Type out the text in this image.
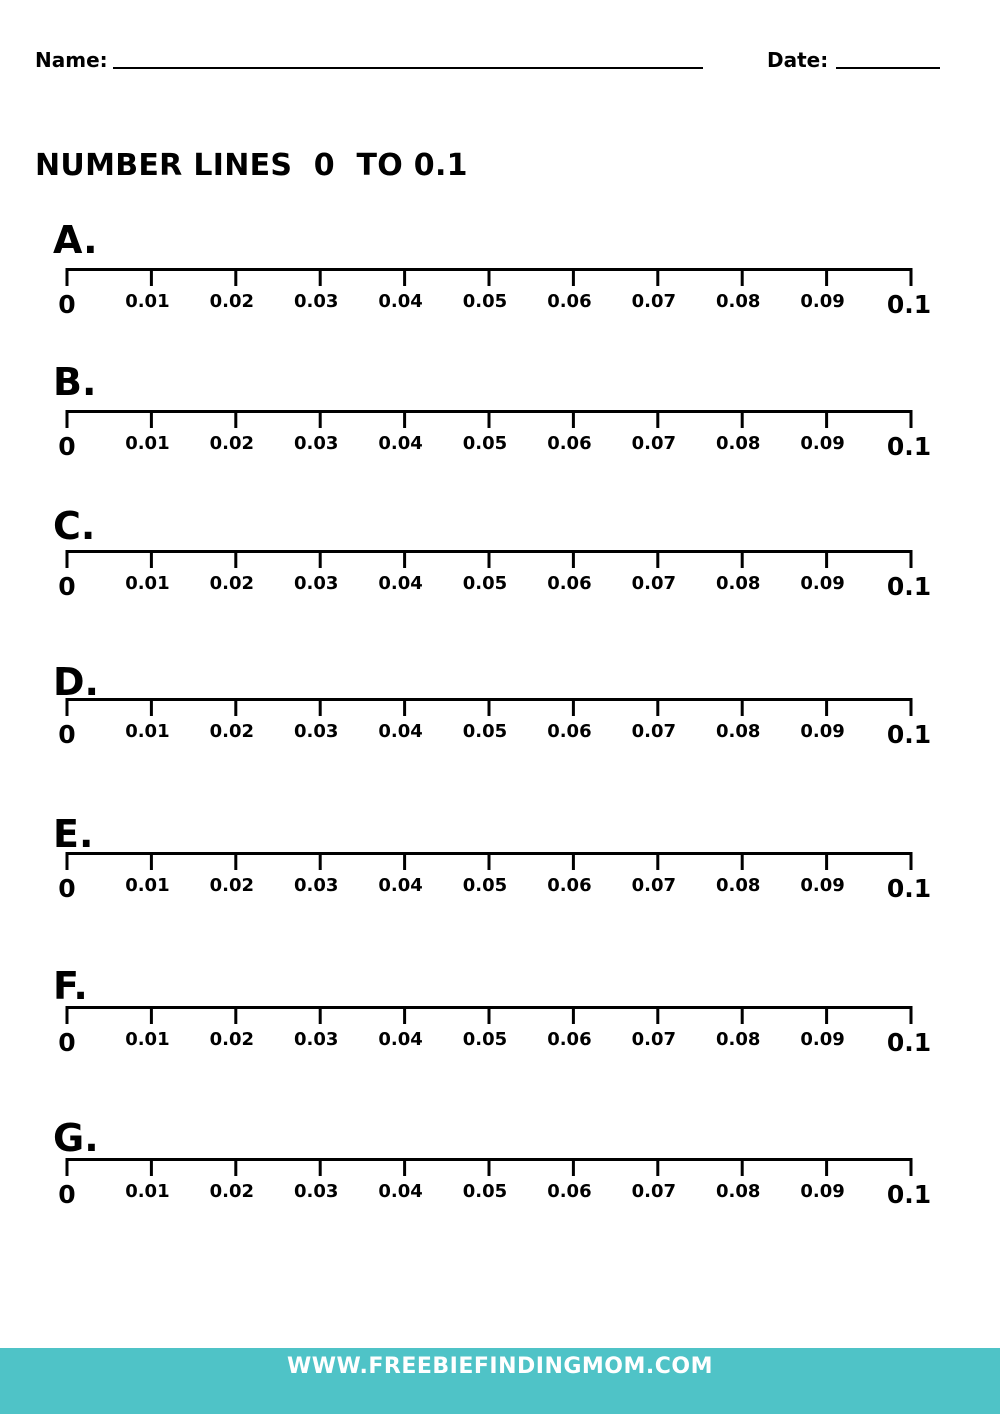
Name:	Date:
NUMBER LINES  0  TO 0.1
A.
0	0.01 0.02 0.03 0.04 0.05 0.06 0.07 0.08 0.09 0.1
B.
0	0.01 0.02 0.03 0.04 0.05 0.06 0.07 0.08 0.09 0.1
C.
0	0.01 0.02 0.03 0.04 0.05 0.06 0.07 0.08 0.09 0.1
D.
0	0.01 0.02 0.03 0.04 0.05 0.06 0.07 0.08 0.09 0.1
E.
0	0.01 0.02 0.03 0.04 0.05 0.06 0.07 0.08 0.09 0.1
F.
0	0.01 0.02 0.03 0.04 0.05 0.06 0.07 0.08 0.09 0.1
G.
0	0.01 0.02 0.03 0.04 0.05 0.06 0.07 0.08 0.09 0.1
WWW.FREEBIEFINDINGMOM.COM
